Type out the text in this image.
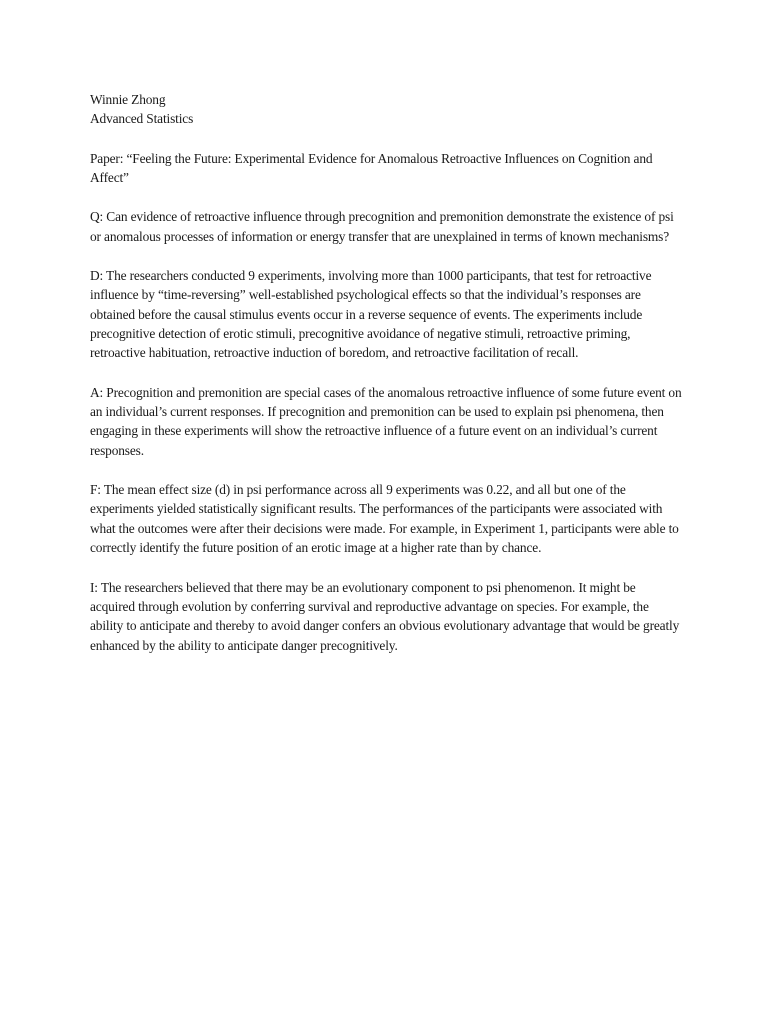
Winnie Zhong
Advanced Statistics

Paper: “Feeling the Future: Experimental Evidence for Anomalous Retroactive Influences on Cognition and Affect”

Q: Can evidence of retroactive influence through precognition and premonition demonstrate the existence of psi or anomalous processes of information or energy transfer that are unexplained in terms of known mechanisms?

D: The researchers conducted 9 experiments, involving more than 1000 participants, that test for retroactive influence by “time-reversing” well-established psychological effects so that the individual’s responses are obtained before the causal stimulus events occur in a reverse sequence of events. The experiments include precognitive detection of erotic stimuli, precognitive avoidance of negative stimuli, retroactive priming, retroactive habituation, retroactive induction of boredom, and retroactive facilitation of recall.

A: Precognition and premonition are special cases of the anomalous retroactive influence of some future event on an individual’s current responses. If precognition and premonition can be used to explain psi phenomena, then engaging in these experiments will show the retroactive influence of a future event on an individual’s current responses.

F: The mean effect size (d) in psi performance across all 9 experiments was 0.22, and all but one of the experiments yielded statistically significant results. The performances of the participants were associated with what the outcomes were after their decisions were made. For example, in Experiment 1, participants were able to correctly identify the future position of an erotic image at a higher rate than by chance.

I: The researchers believed that there may be an evolutionary component to psi phenomenon. It might be acquired through evolution by conferring survival and reproductive advantage on species. For example, the ability to anticipate and thereby to avoid danger confers an obvious evolutionary advantage that would be greatly enhanced by the ability to anticipate danger precognitively.
